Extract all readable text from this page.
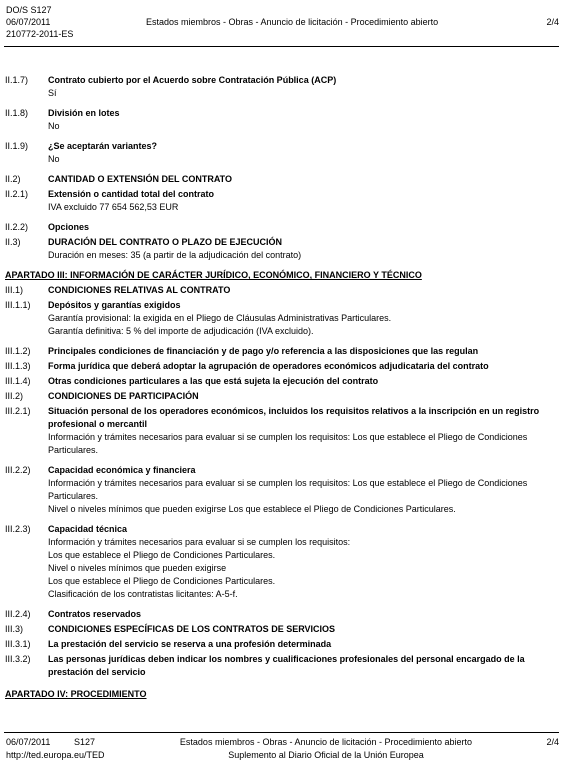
DO/S S127
06/07/2011
210772-2011-ES
Estados miembros - Obras - Anuncio de licitación - Procedimiento abierto	2/4
II.1.7)	Contrato cubierto por el Acuerdo sobre Contratación Pública (ACP)
Sí
II.1.8)	División en lotes
No
II.1.9)	¿Se aceptarán variantes?
No
II.2)	CANTIDAD O EXTENSIÓN DEL CONTRATO
II.2.1)	Extensión o cantidad total del contrato
IVA excluido 77 654 562,53 EUR
II.2.2)	Opciones
II.3)	DURACIÓN DEL CONTRATO O PLAZO DE EJECUCIÓN
Duración en meses: 35 (a partir de la adjudicación del contrato)
APARTADO III: INFORMACIÓN DE CARÁCTER JURÍDICO, ECONÓMICO, FINANCIERO Y TÉCNICO
III.1)	CONDICIONES RELATIVAS AL CONTRATO
III.1.1)	Depósitos y garantías exigidos
Garantía provisional: la exigida en el Pliego de Cláusulas Administrativas Particulares.
Garantía definitiva: 5 % del importe de adjudicación (IVA excluido).
III.1.2)	Principales condiciones de financiación y de pago y/o referencia a las disposiciones que las regulan
III.1.3)	Forma jurídica que deberá adoptar la agrupación de operadores económicos adjudicataria del contrato
III.1.4)	Otras condiciones particulares a las que está sujeta la ejecución del contrato
III.2)	CONDICIONES DE PARTICIPACIÓN
III.2.1)	Situación personal de los operadores económicos, incluidos los requisitos relativos a la inscripción en un registro profesional o mercantil
Información y trámites necesarios para evaluar si se cumplen los requisitos: Los que establece el Pliego de Condiciones Particulares.
III.2.2)	Capacidad económica y financiera
Información y trámites necesarios para evaluar si se cumplen los requisitos: Los que establece el Pliego de Condiciones Particulares.
Nivel o niveles mínimos que pueden exigirse Los que establece el Pliego de Condiciones Particulares.
III.2.3)	Capacidad técnica
Información y trámites necesarios para evaluar si se cumplen los requisitos:
Los que establece el Pliego de Condiciones Particulares.
Nivel o niveles mínimos que pueden exigirse
Los que establece el Pliego de Condiciones Particulares.
Clasificación de los contratistas licitantes: A-5-f.
III.2.4)	Contratos reservados
III.3)	CONDICIONES ESPECÍFICAS DE LOS CONTRATOS DE SERVICIOS
III.3.1)	La prestación del servicio se reserva a una profesión determinada
III.3.2)	Las personas jurídicas deben indicar los nombres y cualificaciones profesionales del personal encargado de la prestación del servicio
APARTADO IV: PROCEDIMIENTO
06/07/2011	S127	Estados miembros - Obras - Anuncio de licitación - Procedimiento abierto	2/4
http://ted.europa.eu/TED	Suplemento al Diario Oficial de la Unión Europea
